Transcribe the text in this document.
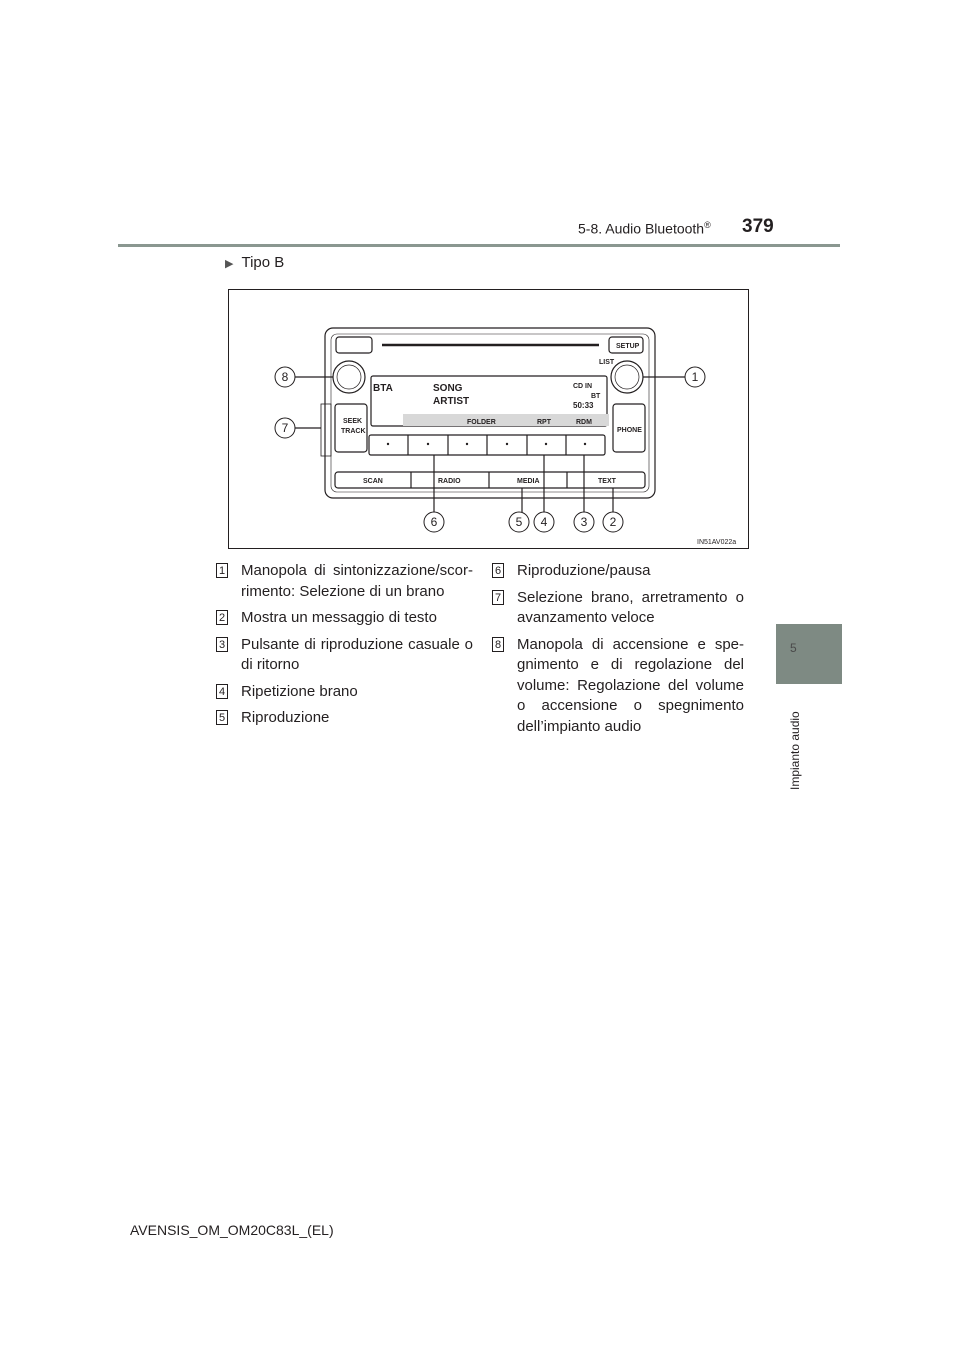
5-8. Audio Bluetooth® 379
5
Impianto audio
▶ Tipo B
SETUP
LIST
SEEK
TRACK	PHONE
SCAN	RADIO	MEDIA	TEXT
FOLDER	RPT	RDM
BTA	SONG
ARTIST
CD IN
BT
50:33
IN51AV022a
1
2
3
4
5
6
7
8
1 Manopola di sintonizzazione/scor-rimento: Selezione di un brano
2 Mostra un messaggio di testo
3 Pulsante di riproduzione casuale o di ritorno
4 Ripetizione brano
5 Riproduzione
6 Riproduzione/pausa
7 Selezione brano, arretramento o avanzamento veloce
8 Manopola di accensione e spe-gnimento e di regolazione del volume: Regolazione del volume o accensione o spegnimento dell’impianto audio
AVENSIS_OM_OM20C83L_(EL)
